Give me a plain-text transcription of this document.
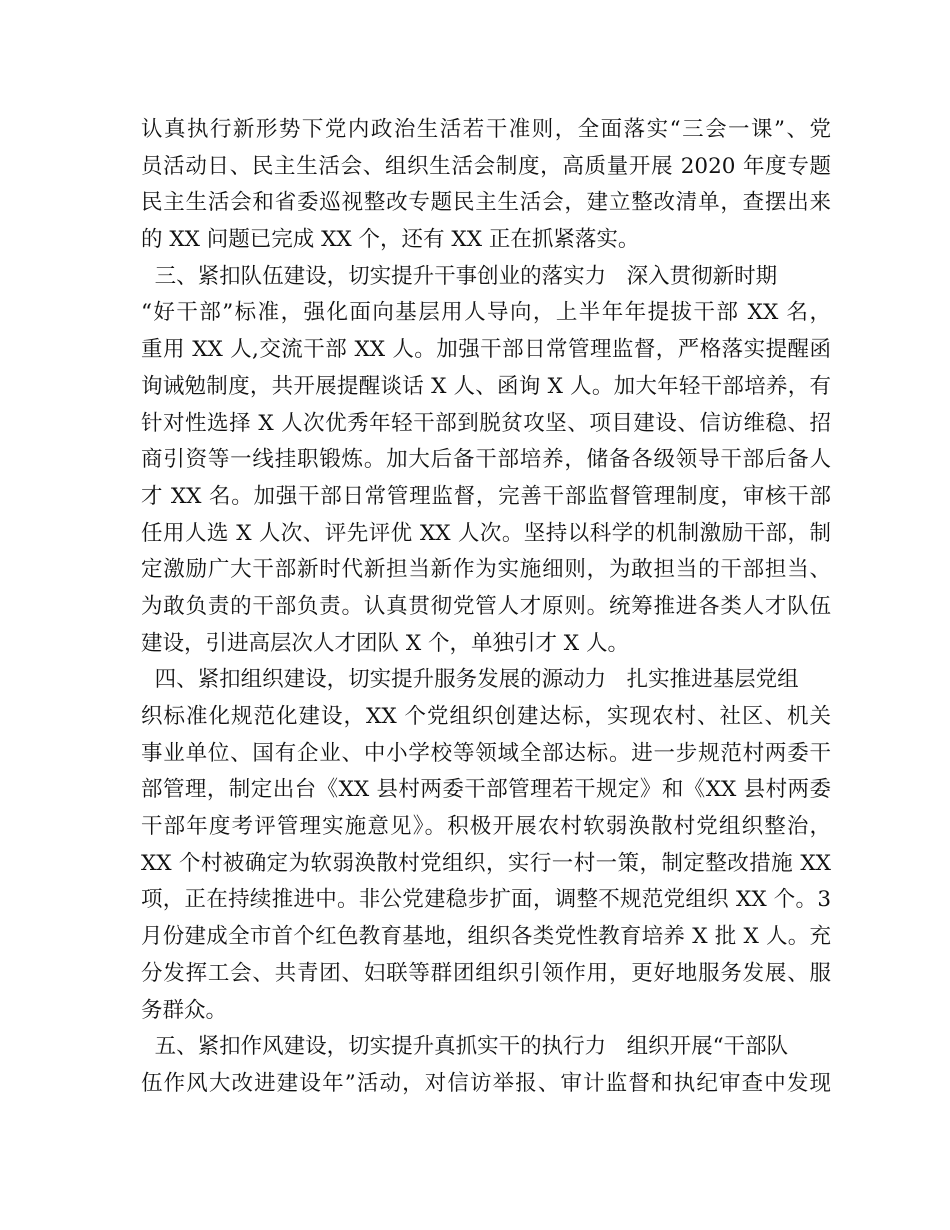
认真执行新形势下党内政治生活若干准则，全面落实“三会一课”、党
员活动日、民主生活会、组织生活会制度，高质量开展 2020 年度专题
民主生活会和省委巡视整改专题民主生活会，建立整改清单，查摆出来
的 XX 问题已完成 XX 个，还有 XX 正在抓紧落实。
三、紧扣队伍建设，切实提升干事创业的落实力   深入贯彻新时期
“好干部”标准，强化面向基层用人导向，上半年年提拔干部 XX 名，
重用 XX 人,交流干部 XX 人。加强干部日常管理监督，严格落实提醒函
询诫勉制度，共开展提醒谈话 X 人、函询 X 人。加大年轻干部培养，有
针对性选择 X 人次优秀年轻干部到脱贫攻坚、项目建设、信访维稳、招
商引资等一线挂职锻炼。加大后备干部培养，储备各级领导干部后备人
才 XX 名。加强干部日常管理监督，完善干部监督管理制度，审核干部
任用人选 X 人次、评先评优 XX 人次。坚持以科学的机制激励干部，制
定激励广大干部新时代新担当新作为实施细则，为敢担当的干部担当、
为敢负责的干部负责。认真贯彻党管人才原则。统筹推进各类人才队伍
建设，引进高层次人才团队 X 个，单独引才 X 人。
四、紧扣组织建设，切实提升服务发展的源动力   扎实推进基层党组
织标准化规范化建设，XX 个党组织创建达标，实现农村、社区、机关
事业单位、国有企业、中小学校等领域全部达标。进一步规范村两委干
部管理，制定出台《XX 县村两委干部管理若干规定》和《XX 县村两委
干部年度考评管理实施意见》。积极开展农村软弱涣散村党组织整治，
XX 个村被确定为软弱涣散村党组织，实行一村一策，制定整改措施 XX
项，正在持续推进中。非公党建稳步扩面，调整不规范党组织 XX 个。3
月份建成全市首个红色教育基地，组织各类党性教育培养 X 批 X 人。充
分发挥工会、共青团、妇联等群团组织引领作用，更好地服务发展、服
务群众。
五、紧扣作风建设，切实提升真抓实干的执行力   组织开展“干部队
伍作风大改进建设年”活动，对信访举报、审计监督和执纪审查中发现
